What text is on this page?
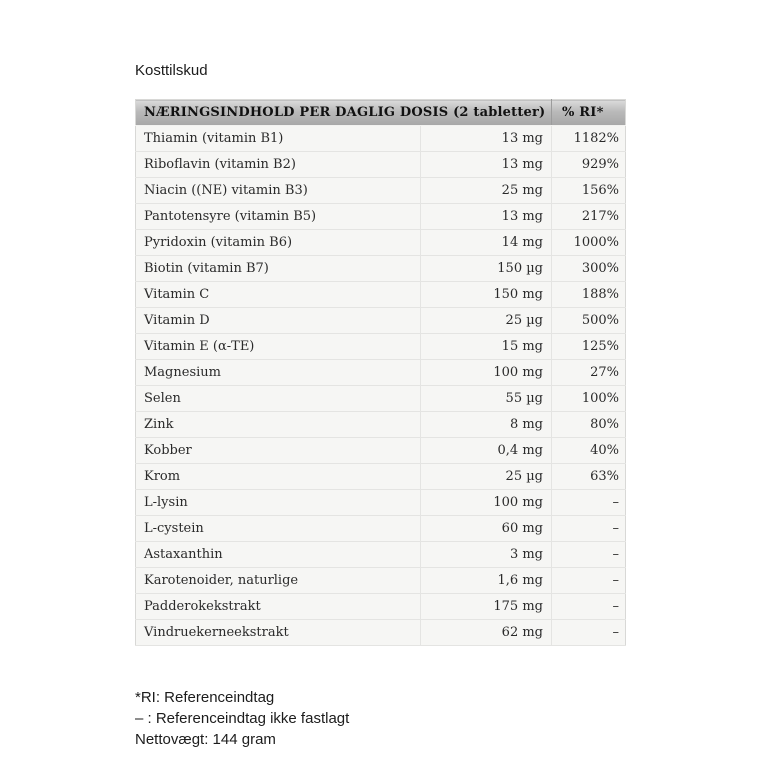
Kosttilskud
NÆRINGSINDHOLD PER DAGLIG DOSIS (2 tabletter)		% RI*
Thiamin (vitamin B1)	13 mg	1182%
Riboflavin (vitamin B2)	13 mg	929%
Niacin ((NE) vitamin B3)	25 mg	156%
Pantotensyre (vitamin B5)	13 mg	217%
Pyridoxin (vitamin B6)	14 mg	1000%
Biotin (vitamin B7)	150 µg	300%
Vitamin C	150 mg	188%
Vitamin D	25 µg	500%
Vitamin E (α-TE)	15 mg	125%
Magnesium	100 mg	27%
Selen	55 µg	100%
Zink	8 mg	80%
Kobber	0,4 mg	40%
Krom	25 µg	63%
L-lysin	100 mg	–
L-cystein	60 mg	–
Astaxanthin	3 mg	–
Karotenoider, naturlige	1,6 mg	–
Padderokekstrakt	175 mg	–
Vindruekerneekstrakt	62 mg	–
*RI: Referenceindtag
– : Referenceindtag ikke fastlagt
Nettovægt: 144 gram
